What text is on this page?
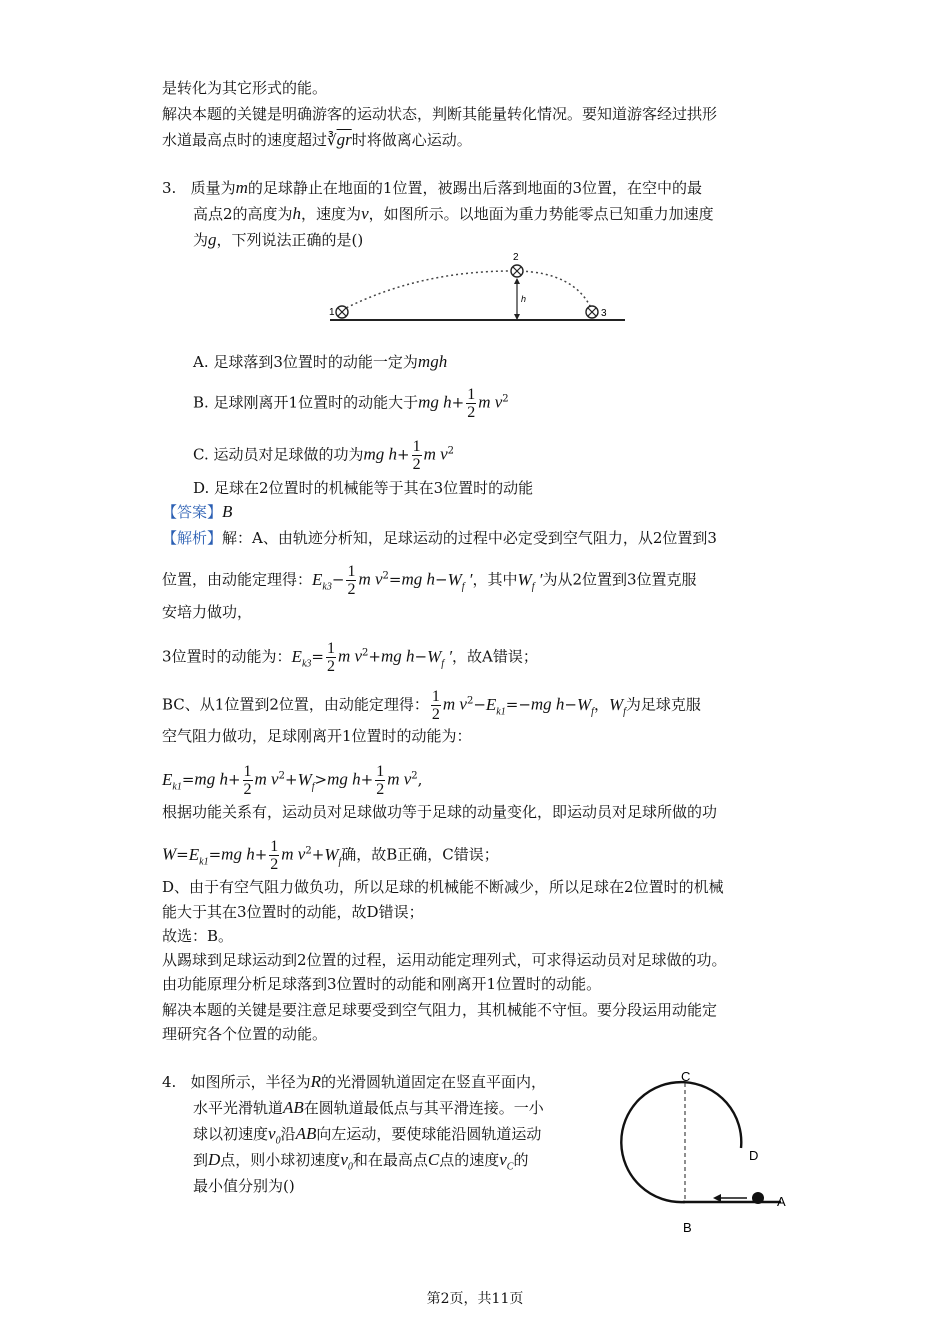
是转化为其它形式的能。
解决本题的关键是明确游客的运动状态，判断其能量转化情况。要知道游客经过拱形
水道最高点时的速度超过$∛\overline{gr}$时将做离心运动。
3. 质量为m的足球静止在地面的1位置，被踢出后落到地面的3位置，在空中的最
高点2的高度为h，速度为v，如图所示。以地面为重力势能零点已知重力加速度
为g，下列说法正确的是()
1
2
3
h
A. 足球落到3位置时的动能一定为mgh
B. 足球刚离开1位置时的动能大于mg $h+ \frac{1}{2}$ m $v^2$
C. 运动员对足球做的功为mg $h+ \frac{1}{2}$ m $v^2$
D. 足球在2位置时的机械能等于其在3位置时的动能
【答案】B
【解析】解：A、由轨迹分析知，足球运动的过程中必定受到空气阻力，从2位置到3
位置，由动能定理得：$E_{k3}- \frac{1}{2}$ m $v^2=mg$ $h-W_f$ ′，其中$W_f$ ′为从2位置到3位置克服
安培力做功，
3位置时的动能为：$E_{k3}= \frac{1}{2}$ m $v^2+mg$ $h-W_f$ ′，故A错误；
BC、从1位置到2位置，由动能定理得： $\frac{1}{2}$ m $v^2-E_{k1}=-mg$ $h-W_f$，$W_f$为足球克服
空气阻力做功，足球刚离开1位置时的动能为：
$E_{k1}=mg$ $h+ \frac{1}{2}$ m $v^2+W_f>mg$ $h+ \frac{1}{2}$ m $v^2$,
根据功能关系有，运动员对足球做功等于足球的动量变化，即运动员对足球所做的功
$W=E_{k1}=mg$ $h+ \frac{1}{2}$ m $v^2+W_f$确，故B正确，C错误；
D、由于有空气阻力做负功，所以足球的机械能不断减少，所以足球在2位置时的机械
能大于其在3位置时的动能，故D错误；
故选：B。
从踢球到足球运动到2位置的过程，运用动能定理列式，可求得运动员对足球做的功。
由功能原理分析足球落到3位置时的动能和刚离开1位置时的动能。
解决本题的关键是要注意足球要受到空气阻力，其机械能不守恒。要分段运用动能定
理研究各个位置的动能。
4. 如图所示，半径为R的光滑圆轨道固定在竖直平面内，
水平光滑轨道AB在圆轨道最低点与其平滑连接。一小
球以初速度$v_0$沿AB向左运动，要使球能沿圆轨道运动
到D点，则小球初速度$v_0$和在最高点C点的速度$v_C$的
最小值分别为()
C
D
A
B
第2页，共11页
